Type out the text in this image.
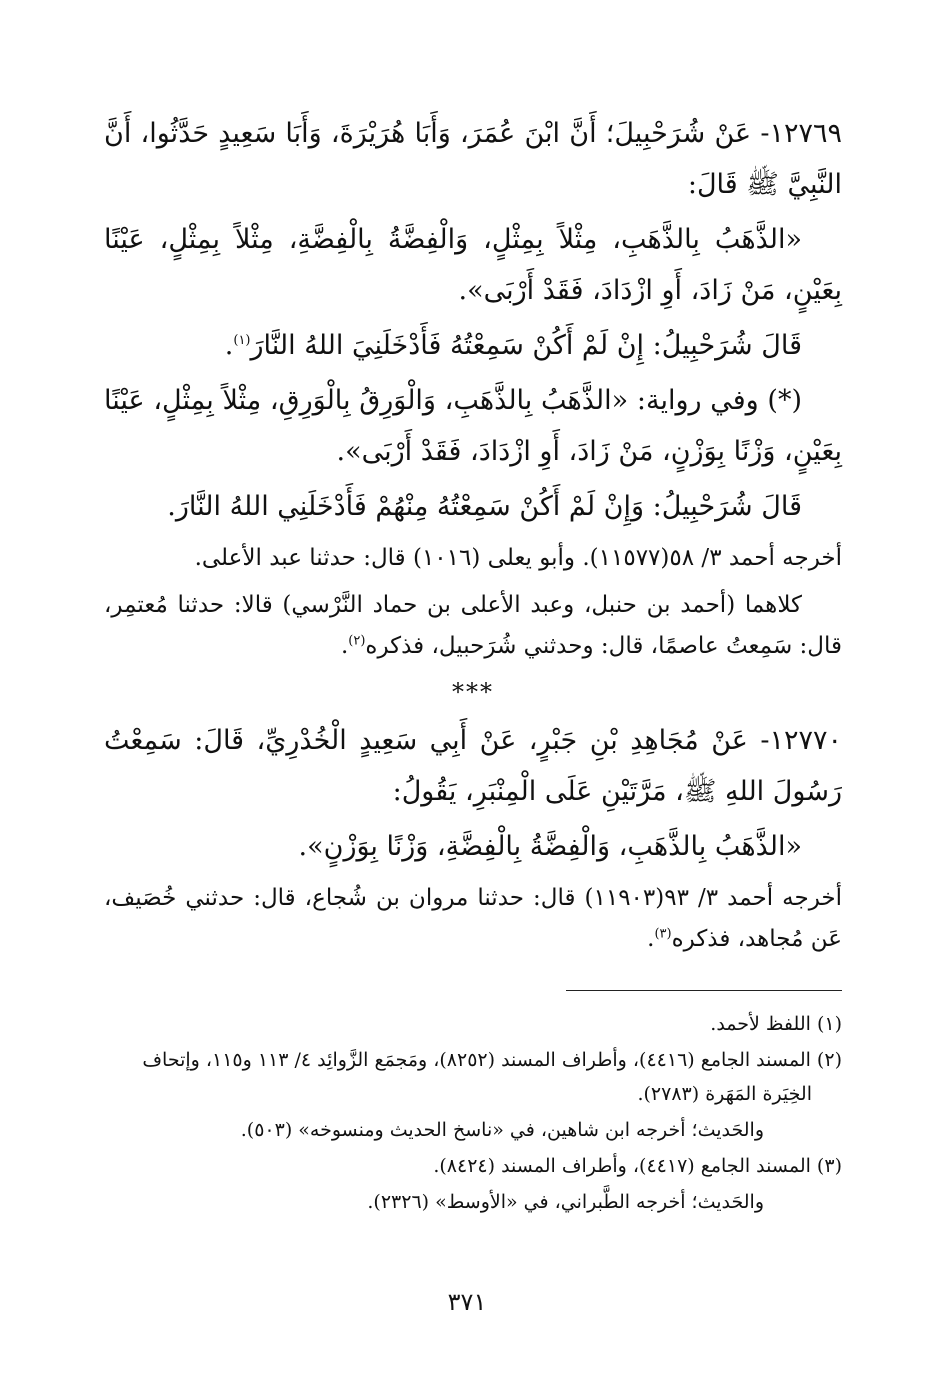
١٢٧٦٩- عَنْ شُرَحْبِيلَ؛ أَنَّ ابْنَ عُمَرَ، وَأَبَا هُرَيْرَةَ، وَأَبَا سَعِيدٍ حَدَّثُوا، أَنَّ النَّبِيَّ ﷺ قَالَ:

«الذَّهَبُ بِالذَّهَبِ، مِثْلاً بِمِثْلٍ، وَالْفِضَّةُ بِالْفِضَّةِ، مِثْلاً بِمِثْلٍ، عَيْنًا بِعَيْنٍ، مَنْ زَادَ، أَوِ ازْدَادَ، فَقَدْ أَرْبَى».

قَالَ شُرَحْبِيلُ: إِنْ لَمْ أَكُنْ سَمِعْتُهُ فَأَدْخَلَنِيَ اللهُ النَّارَ$^{(١)}$.

(*) وفي رواية: «الذَّهَبُ بِالذَّهَبِ، وَالْوَرِقُ بِالْوَرِقِ، مِثْلاً بِمِثْلٍ، عَيْنًا بِعَيْنٍ، وَزْنًا بِوَزْنٍ، مَنْ زَادَ، أَوِ ازْدَادَ، فَقَدْ أَرْبَى».

قَالَ شُرَحْبِيلُ: وَإِنْ لَمْ أَكُنْ سَمِعْتُهُ مِنْهُمْ فَأَدْخَلَنِي اللهُ النَّارَ.

أخرجه أحمد ٣/ ٥٨(١١٥٧٧). وأبو يعلى (١٠١٦) قال: حدثنا عبد الأعلى.

كلاهما (أحمد بن حنبل، وعبد الأعلى بن حماد النَّرْسي) قالا: حدثنا مُعتمِر، قال: سَمِعتُ عاصمًا، قال: وحدثني شُرَحبيل، فذكره$^{(٢)}$.

***

١٢٧٧٠- عَنْ مُجَاهِدِ بْنِ جَبْرٍ، عَنْ أَبِي سَعِيدٍ الْخُدْرِيِّ، قَالَ: سَمِعْتُ رَسُولَ اللهِ ﷺ، مَرَّتَيْنِ عَلَى الْمِنْبَرِ، يَقُولُ:

«الذَّهَبُ بِالذَّهَبِ، وَالْفِضَّةُ بِالْفِضَّةِ، وَزْنًا بِوَزْنٍ».

أخرجه أحمد ٣/ ٩٣(١١٩٠٣) قال: حدثنا مروان بن شُجاع، قال: حدثني خُصَيف، عَن مُجاهد، فذكره$^{(٣)}$.

(١) اللفظ لأحمد.

(٢) المسند الجامع (٤٤١٦)، وأطراف المسند (٨٢٥٢)، ومَجمَع الزَّوائِد ٤/ ١١٣ و١١٥، وإتحاف الخِيَرة المَهَرة (٢٧٨٣).

والحَديث؛ أخرجه ابن شاهين، في «ناسخ الحديث ومنسوخه» (٥٠٣).

(٣) المسند الجامع (٤٤١٧)، وأطراف المسند (٨٤٢٤).

والحَديث؛ أخرجه الطَّبراني، في «الأوسط» (٢٣٢٦).

٣٧١
